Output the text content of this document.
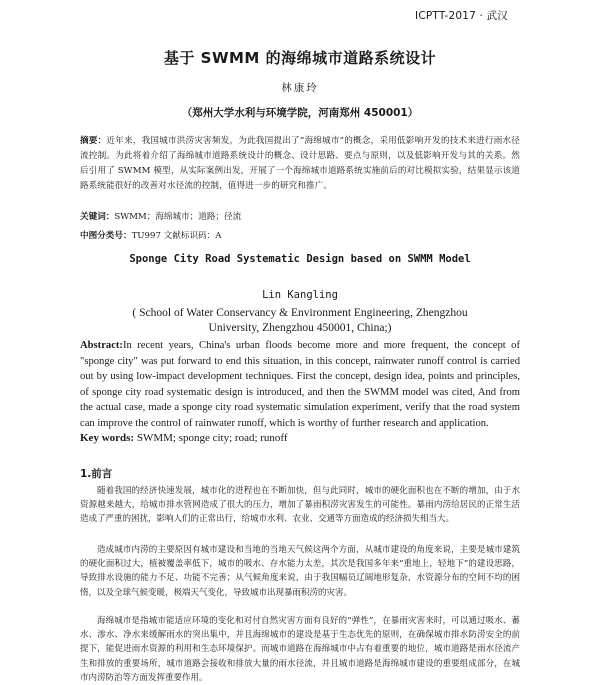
ICPTT-2017 · 武汉
基于 SWMM 的海绵城市道路系统设计
林康玲
（郑州大学水利与环境学院，河南郑州 450001）
摘要：近年来，我国城市洪涝灾害频发，为此我国提出了“海绵城市”的概念，采用低影响开发的技术来进行雨水径流控制。为此将着介绍了海绵城市道路系统设计的概念、设计思路、要点与原则，以及低影响开发与其的关系。然后引用了 SWMM 模型，从实际案例出发，开展了一个海绵城市道路系统实施前后的对比模拟实验，结果显示该道路系统能很好的改善对水径流的控制，值得进一步的研究和推广。
关键词：SWMM；海绵城市；道路；径流
中图分类号：TU997 文献标识码：A
Sponge City Road Systematic Design based on SWMM Model
Lin Kangling
( School of Water Conservancy & Environment Engineering, Zhengzhou University, Zhengzhou 450001, China;)
Abstract:In recent years, China's urban floods become more and more frequent, the concept of "sponge city" was put forward to end this situation, in this concept, rainwater runoff control is carried out by using low-impact development techniques. First the concept, design idea, points and principles, of sponge city road systematic design is introduced, and then the SWMM model was cited, And from the actual case, made a sponge city road systematic simulation experiment, verify that the road system can improve the control of rainwater runoff, which is worthy of further research and application.
Key words: SWMM; sponge city; road; runoff
1.前言
随着我国的经济快速发展，城市化的进程也在不断加快，但与此同时，城市的硬化面积也在不断的增加，由于水资源越来越大，给城市排水管网造成了很大的压力，增加了暴雨积涝灾害发生的可能性。暴雨内涝给居民的正常生活造成了严重的困扰，影响人们的正常出行，给城市水利、农业、交通等方面造成的经济损失相当大。
造成城市内涝的主要原因有城市建设和当地的当地天气候这两个方面，从城市建设的角度来说，主要是城市建筑的硬化面积过大，植被覆盖率低下，城市的吸水、存水能力太差，其次是我国多年来“重地上，轻地下”的建设思路，导致排水设施的能力不足、功能不完善；从气候角度来说，由于我国幅员辽阔地形复杂，水资源分布的空间不均的困惰，以及全球气候变暖，极端天气变化，导致城市出现暴雨积涝的灾害。
海绵城市是指城市能适应环境的变化和对付自然灾害方面有良好的“弹性”，在暴雨灾害来时，可以通过吸水、蓄水、渗水、净水来缓解雨水的突出集中，并且海绵城市的建设是基于生态优先的原则，在确保城市排水防涝安全的前提下，能促进雨水资源的利用和生态环境保护。而城市道路在海绵城市中占有着重要的地位，城市道路是雨水径流产生和排放的重要场所，城市道路会接收和排放大量的雨水径流，并且城市道路是海绵城市建设的重要组成部分，在城市内涝防治等方面发挥重要作用。
